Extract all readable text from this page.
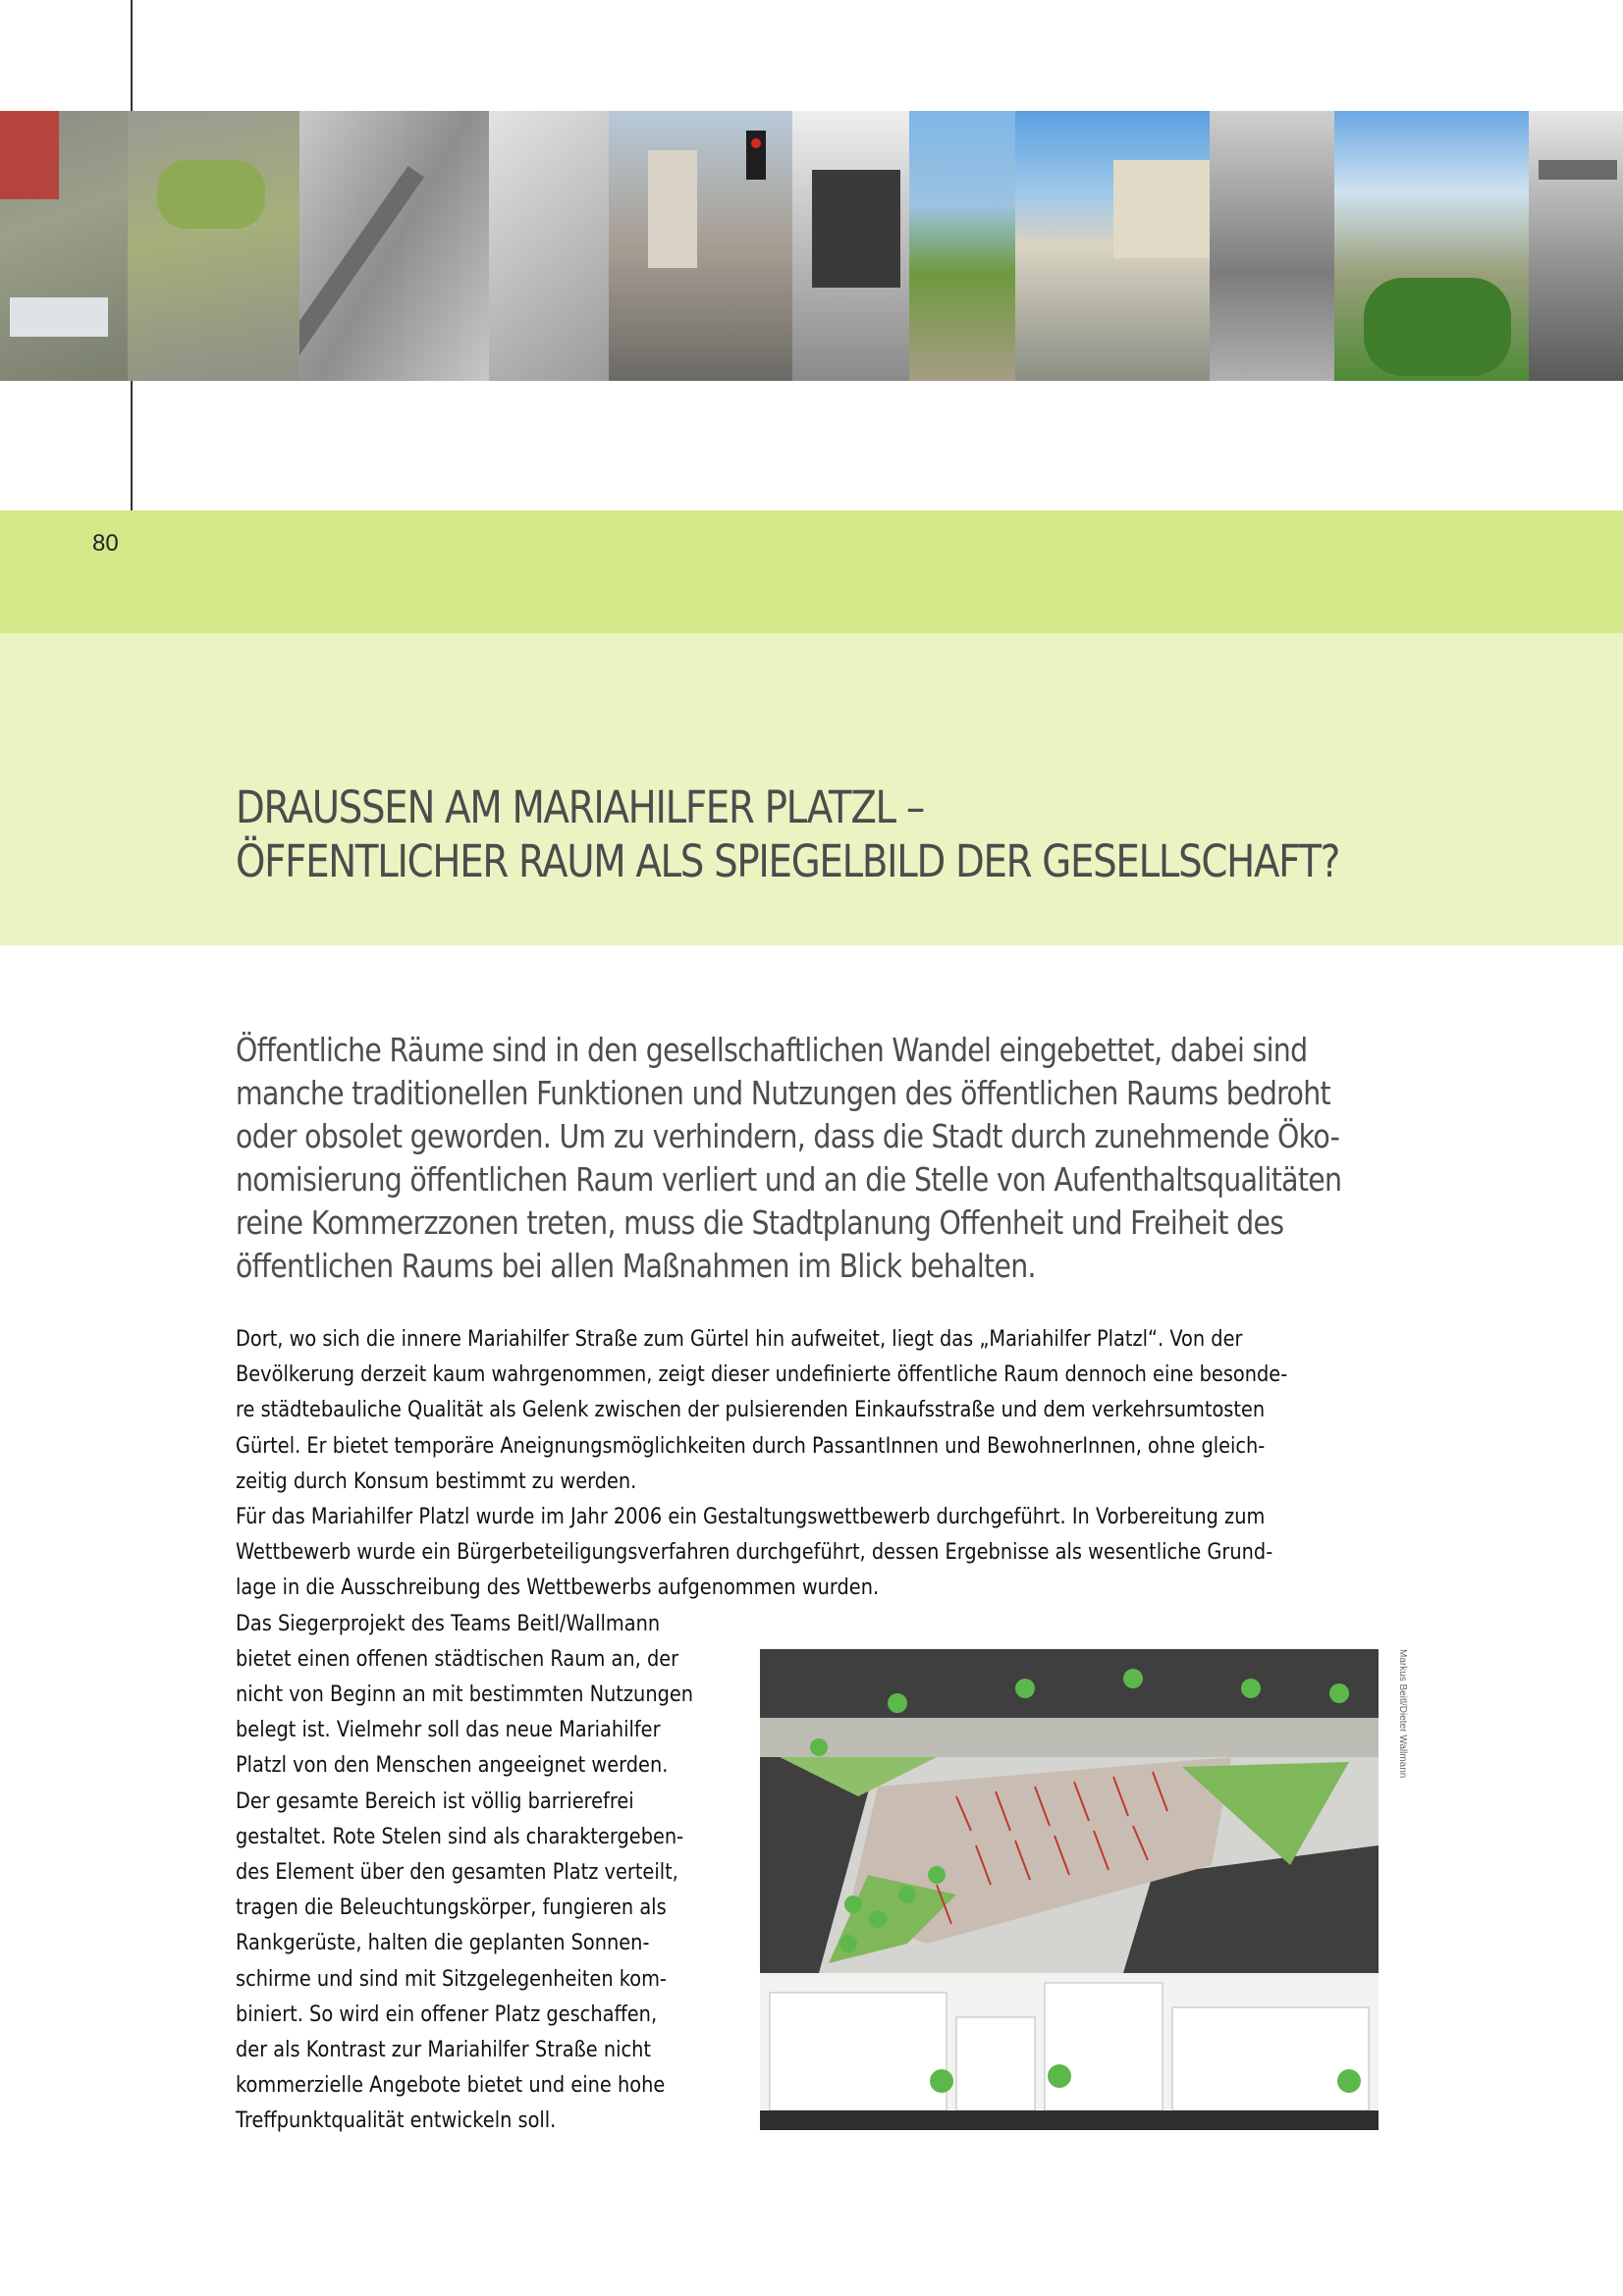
80
DRAUSSEN AM MARIAHILFER PLATZL –
ÖFFENTLICHER RAUM ALS SPIEGELBILD DER GESELLSCHAFT?

Öffentliche Räume sind in den gesellschaftlichen Wandel eingebettet, dabei sind
manche traditionellen Funktionen und Nutzungen des öffentlichen Raums bedroht
oder obsolet geworden. Um zu verhindern, dass die Stadt durch zunehmende Öko-
nomisierung öffentlichen Raum verliert und an die Stelle von Aufenthaltsqualitäten
reine Kommerzzonen treten, muss die Stadtplanung Offenheit und Freiheit des
öffentlichen Raums bei allen Maßnahmen im Blick behalten.

Dort, wo sich die innere Mariahilfer Straße zum Gürtel hin aufweitet, liegt das „Mariahilfer Platzl“. Von der
Bevölkerung derzeit kaum wahrgenommen, zeigt dieser undefinierte öffentliche Raum dennoch eine besonde-
re städtebauliche Qualität als Gelenk zwischen der pulsierenden Einkaufsstraße und dem verkehrsumtosten
Gürtel. Er bietet temporäre Aneignungsmöglichkeiten durch PassantInnen und BewohnerInnen, ohne gleich-
zeitig durch Konsum bestimmt zu werden.
Für das Mariahilfer Platzl wurde im Jahr 2006 ein Gestaltungswettbewerb durchgeführt. In Vorbereitung zum
Wettbewerb wurde ein Bürgerbeteiligungsverfahren durchgeführt, dessen Ergebnisse als wesentliche Grund-
lage in die Ausschreibung des Wettbewerbs aufgenommen wurden.
Das Siegerprojekt des Teams Beitl/Wallmann
bietet einen offenen städtischen Raum an, der
nicht von Beginn an mit bestimmten Nutzungen
belegt ist. Vielmehr soll das neue Mariahilfer
Platzl von den Menschen angeeignet werden.
Der gesamte Bereich ist völlig barrierefrei
gestaltet. Rote Stelen sind als charaktergeben-
des Element über den gesamten Platz verteilt,
tragen die Beleuchtungskörper, fungieren als
Rankgerüste, halten die geplanten Sonnen-
schirme und sind mit Sitzgelegenheiten kom-
biniert. So wird ein offener Platz geschaffen,
der als Kontrast zur Mariahilfer Straße nicht
kommerzielle Angebote bietet und eine hohe
Treffpunktqualität entwickeln soll.
Markus Beitl/Dieter Wallmann
